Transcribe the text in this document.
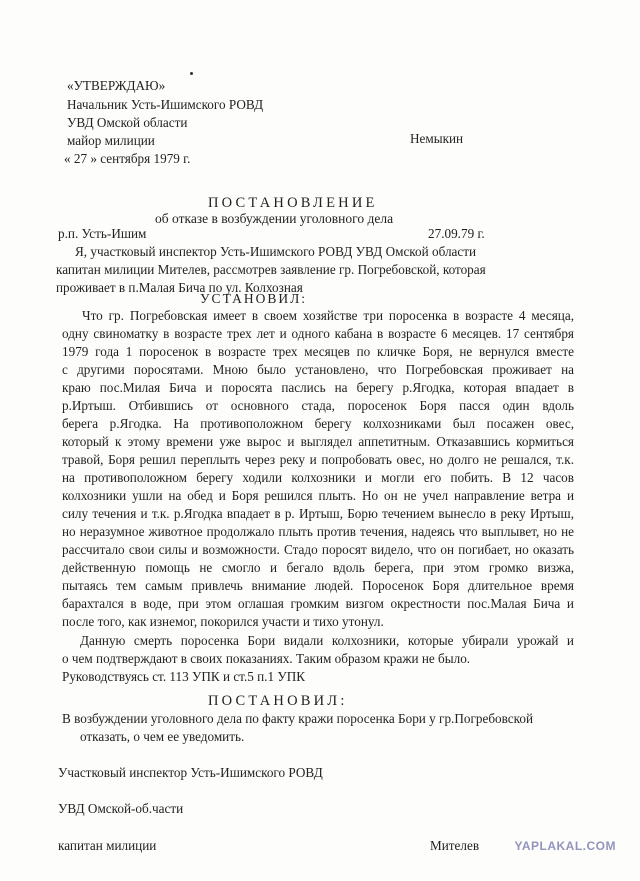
«УТВЕРЖДАЮ»
Начальник Усть-Ишимского РОВД
УВД Омской области
майор милиции
« 27 » сентября 1979 г.
Немыкин
ПОСТАНОВЛЕНИЕ
об отказе в возбуждении уголовного дела
р.п. Усть-Ишим	27.09.79 г.
Я, участковый инспектор Усть-Ишимского РОВД УВД Омской области
капитан милиции Мителев, рассмотрев заявление гр. Погребовской, которая
проживает в п.Малая Бича по ул. Колхозная
УСТАНОВИЛ:
Что гр. Погребовская имеет в своем хозяйстве три поросенка в возрасте 4 месяца,
одну свиноматку в возрасте трех лет и одного кабана в возрасте 6 месяцев. 17 сентября
1979 года 1 поросенок в возрасте трех месяцев по кличке Боря, не вернулся вместе
с другими поросятами. Мною было установлено, что Погребовская проживает на
краю пос.Милая Бича и поросята паслись на берегу р.Ягодка, которая впадает в
р.Иртыш. Отбившись от основного стада, поросенок Боря пасся один вдоль
берега р.Ягодка. На противоположном берегу колхозниками был посажен овес,
который к этому времени уже вырос и выглядел аппетитным. Отказавшись кормиться
травой, Боря решил переплыть через реку и попробовать овес, но долго не решался, т.к.
на противоположном берегу ходили колхозники и могли его побить. В 12 часов
колхозники ушли на обед и Боря решился плыть. Но он не учел направление ветра и
силу течения и т.к. р.Ягодка впадает в р. Иртыш, Борю течением вынесло в реку Иртыш,
но неразумное животное продолжало плыть против течения, надеясь что выплывет, но не
рассчитало свои силы и возможности. Стадо поросят видело, что он погибает, но оказать
действенную помощь не смогло и бегало вдоль берега, при этом громко визжа,
пытаясь тем самым привлечь внимание людей. Поросенок Боря длительное время
барахтался в воде, при этом оглашая громким визгом окрестности пос.Малая Бича и
после того, как изнемог, покорился участи и тихо утонул.
Данную смерть поросенка Бори видали колхозники, которые убирали урожай и
о чем подтверждают в своих показаниях. Таким образом кражи не было.
Руководствуясь ст. 113 УПК и ст.5 п.1 УПК
ПОСТАНОВИЛ:
В возбуждении уголовного дела по факту кражи поросенка Бори у гр.Погребовской
отказать, о чем ее уведомить.
Участковый инспектор Усть-Ишимского РОВД
УВД Омской-об.части
капитан милиции	Мителев	YAPLAKAL.COM
